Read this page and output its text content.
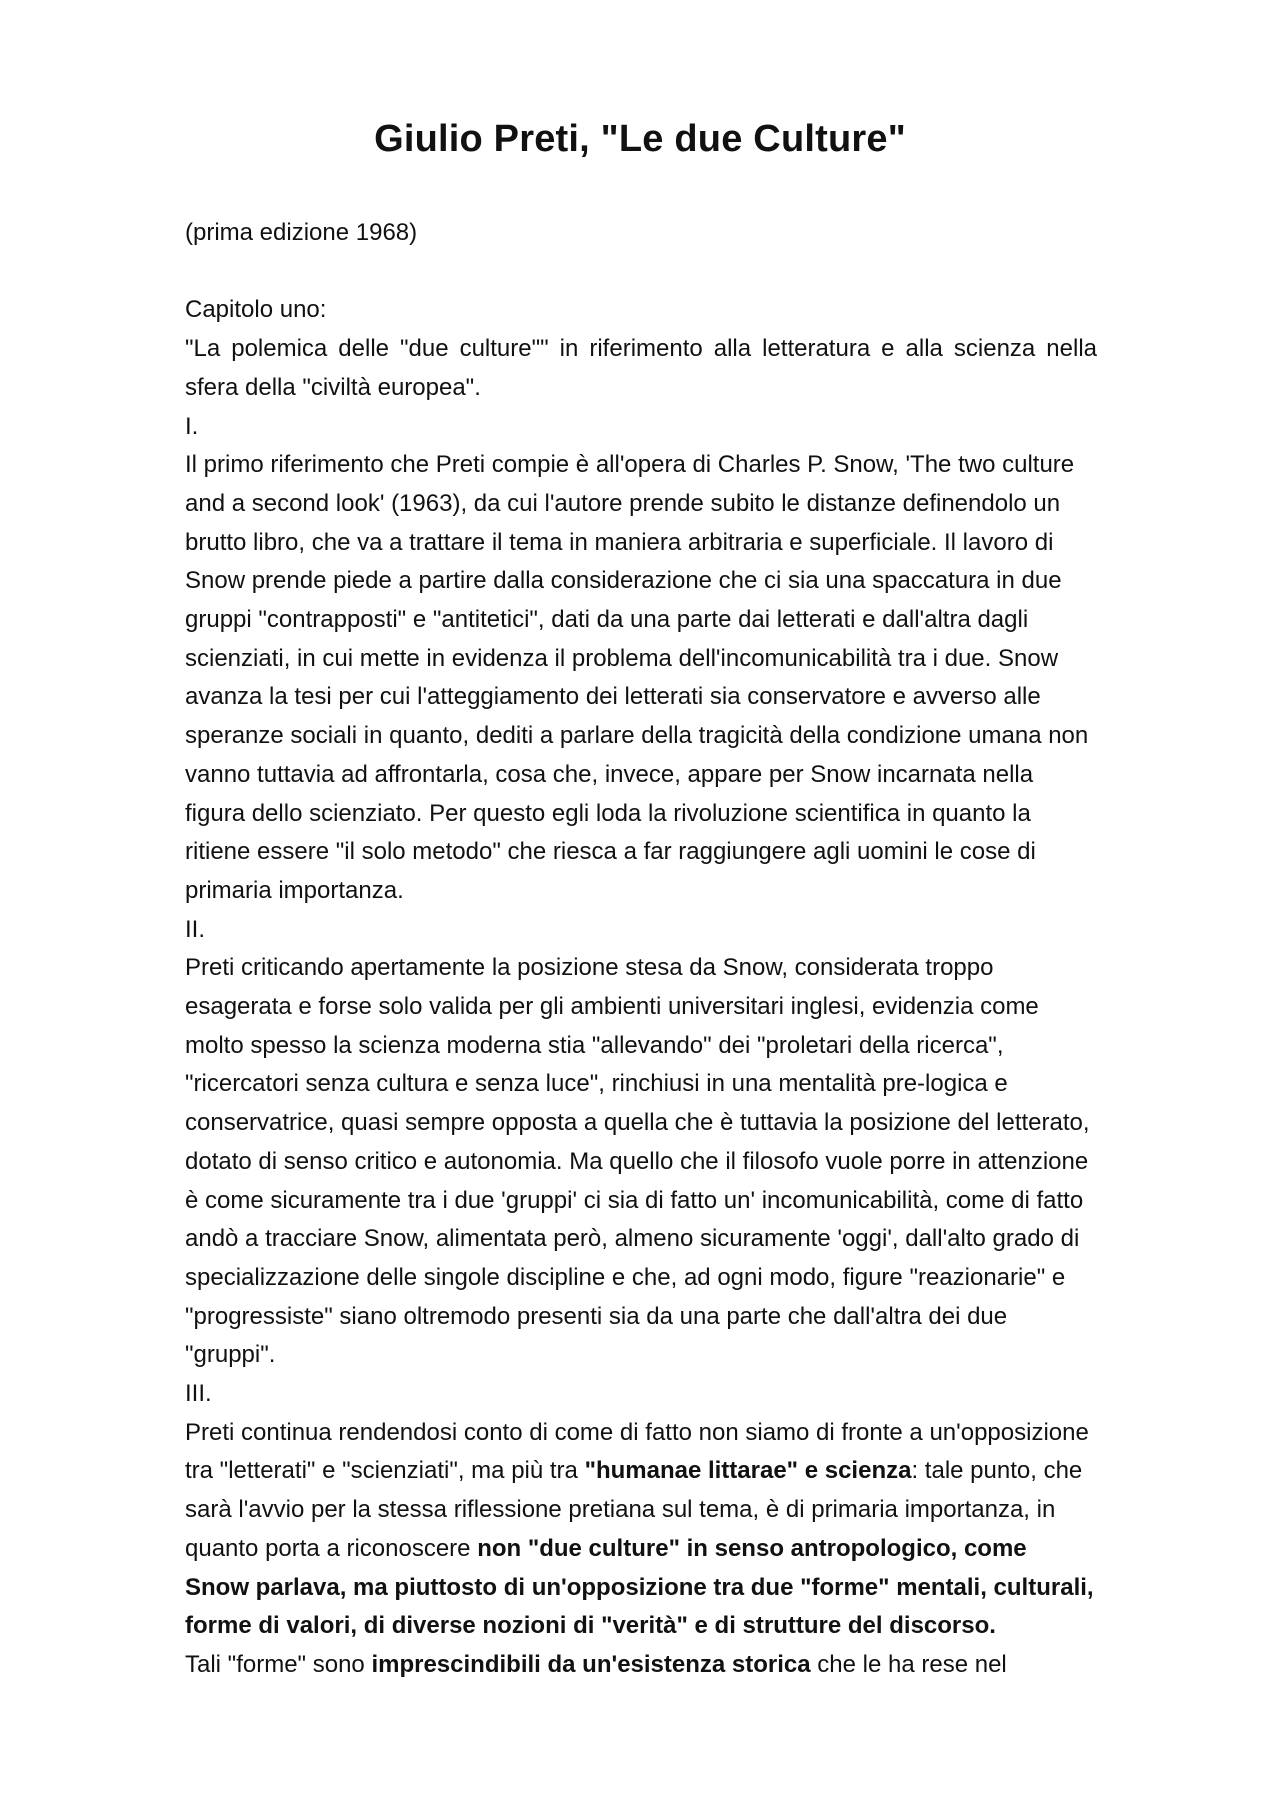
Giulio Preti, "Le due Culture"

(prima edizione 1968)

Capitolo uno:

"La polemica delle "due culture"" in riferimento alla letteratura e alla scienza nella sfera della "civiltà europea".

I.

Il primo riferimento che Preti compie è all'opera di Charles P. Snow, 'The two culture and a second look' (1963), da cui l'autore prende subito le distanze definendolo un brutto libro, che va a trattare il tema in maniera arbitraria e superficiale. Il lavoro di Snow prende piede a partire dalla considerazione che ci sia una spaccatura in due gruppi "contrapposti" e "antitetici", dati da una parte dai letterati e dall'altra dagli scienziati, in cui mette in evidenza il problema dell'incomunicabilità tra i due. Snow avanza la tesi per cui l'atteggiamento dei letterati sia conservatore e avverso alle speranze sociali in quanto, dediti a parlare della tragicità della condizione umana non vanno tuttavia ad affrontarla, cosa che, invece, appare per Snow incarnata nella figura dello scienziato. Per questo egli loda la rivoluzione scientifica in quanto la ritiene essere "il solo metodo" che riesca a far raggiungere agli uomini le cose di primaria importanza.

II.

Preti criticando apertamente la posizione stesa da Snow, considerata troppo esagerata e forse solo valida per gli ambienti universitari inglesi, evidenzia come molto spesso la scienza moderna stia "allevando" dei "proletari della ricerca", "ricercatori senza cultura e senza luce", rinchiusi in una mentalità pre-logica e conservatrice, quasi sempre opposta a quella che è tuttavia la posizione del letterato, dotato di senso critico e autonomia. Ma quello che il filosofo vuole porre in attenzione è come sicuramente tra i due 'gruppi' ci sia di fatto un' incomunicabilità, come di fatto andò a tracciare Snow, alimentata però, almeno sicuramente 'oggi', dall'alto grado di specializzazione delle singole discipline e che, ad ogni modo, figure "reazionarie" e "progressiste" siano oltremodo presenti sia da una parte che dall'altra dei due "gruppi".

III.

Preti continua rendendosi conto di come di fatto non siamo di fronte a un'opposizione tra "letterati" e "scienziati", ma più tra "humanae littarae" e scienza: tale punto, che sarà l'avvio per la stessa riflessione pretiana sul tema, è di primaria importanza, in quanto porta a riconoscere non "due culture" in senso antropologico, come Snow parlava, ma piuttosto di un'opposizione tra due "forme" mentali, culturali, forme di valori, di diverse nozioni di "verità" e di strutture del discorso.

Tali "forme" sono imprescindibili da un'esistenza storica che le ha rese nel
